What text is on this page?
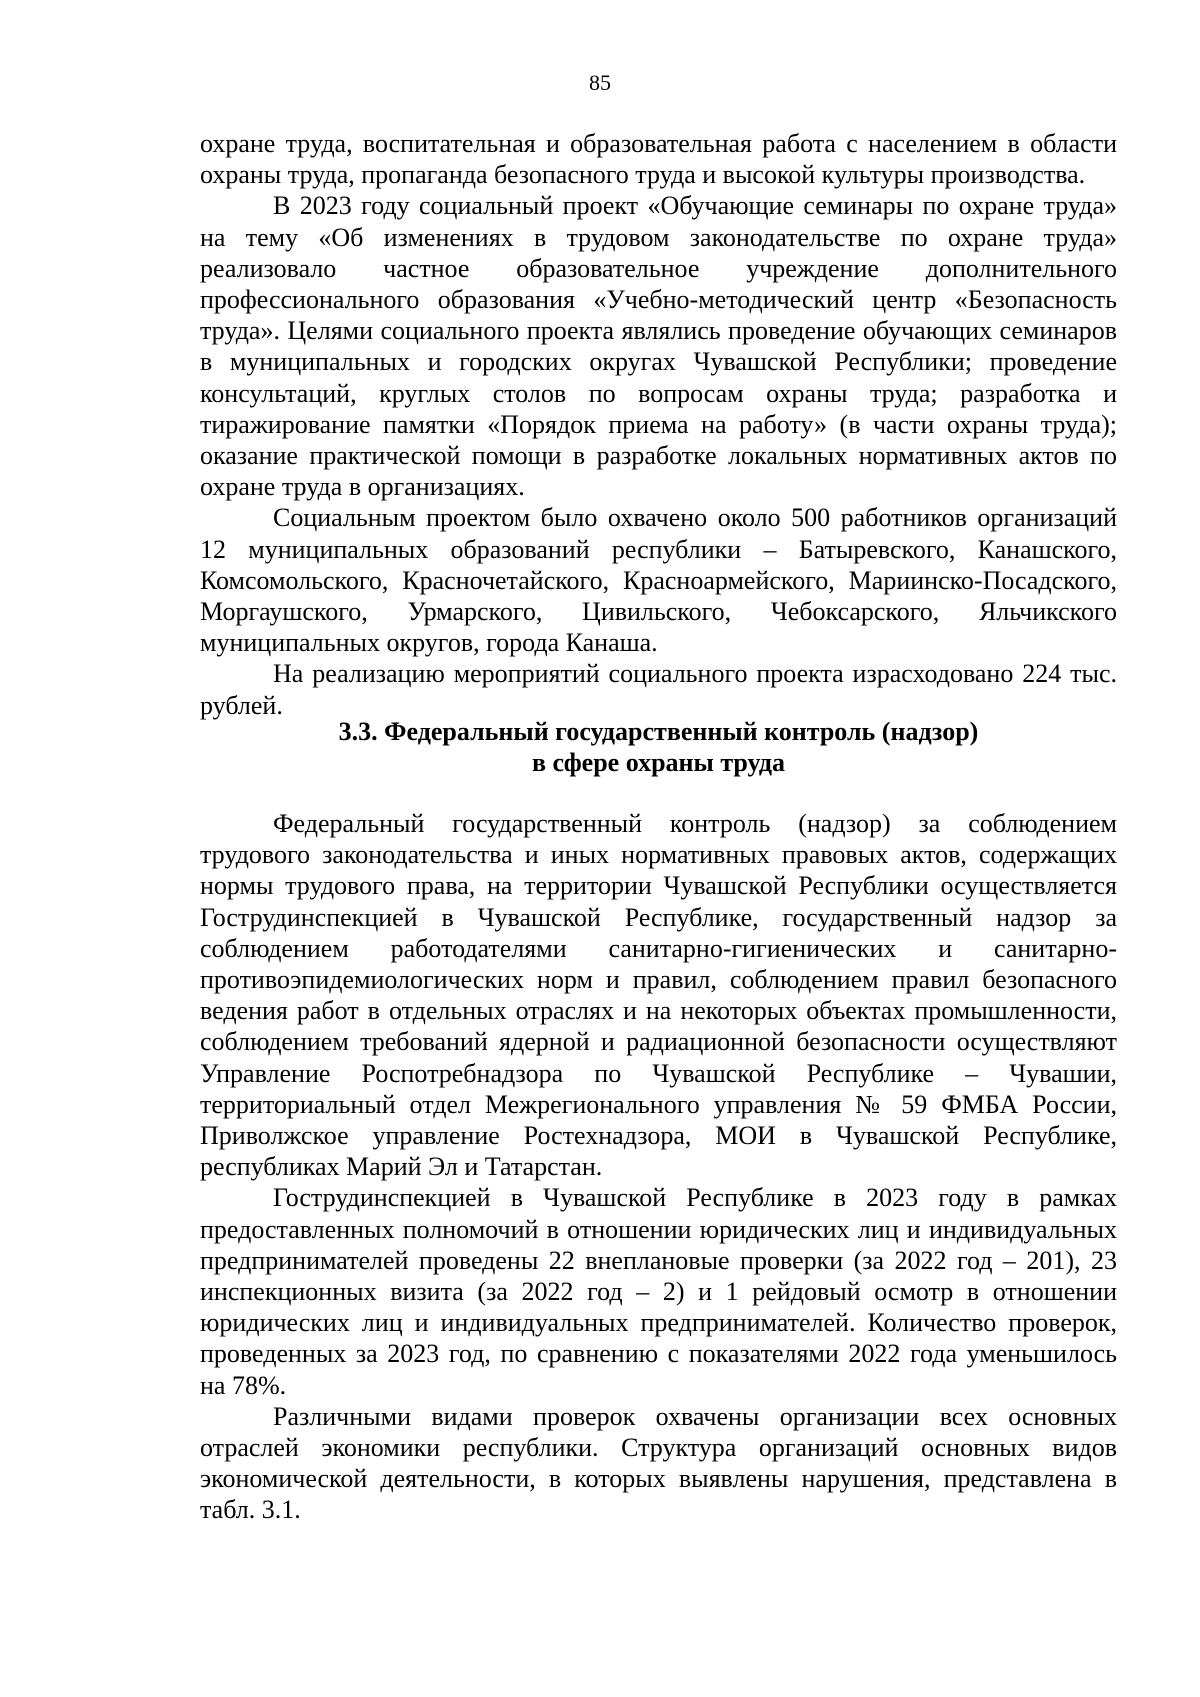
85

охране труда, воспитательная и образовательная работа с населением в области охраны труда, пропаганда безопасного труда и высокой культуры производства.

В 2023 году социальный проект «Обучающие семинары по охране труда» на тему «Об изменениях в трудовом законодательстве по охране труда» реализовало частное образовательное учреждение дополнительного профессионального образования «Учебно-методический центр «Безопасность труда». Целями социального проекта являлись проведение обучающих семинаров в муниципальных и городских округах Чувашской Республики; проведение консультаций, круглых столов по вопросам охраны труда; разработка и тиражирование памятки «Порядок приема на работу» (в части охраны труда); оказание практической помощи в разработке локальных нормативных актов по охране труда в организациях.

Социальным проектом было охвачено около 500 работников организаций 12 муниципальных образований республики – Батыревского, Канашского, Комсомольского, Красночетайского, Красноармейского, Мариинско-Посадского, Моргаушского, Урмарского, Цивильского, Чебоксарского, Яльчикского муниципальных округов, города Канаша.

На реализацию мероприятий социального проекта израсходовано 224 тыс. рублей.

3.3. Федеральный государственный контроль (надзор)
в сфере охраны труда

Федеральный государственный контроль (надзор) за соблюдением трудового законодательства и иных нормативных правовых актов, содержащих нормы трудового права, на территории Чувашской Республики осуществляется Гострудинспекцией в Чувашской Республике, государственный надзор за соблюдением работодателями санитарно-гигиенических и санитарно-противоэпидемиологических норм и правил, соблюдением правил безопасного ведения работ в отдельных отраслях и на некоторых объектах промышленности, соблюдением требований ядерной и радиационной безопасности осуществляют Управление Роспотребнадзора по Чувашской Республике – Чувашии, территориальный отдел Межрегионального управления № 59 ФМБА России, Приволжское управление Ростехнадзора, МОИ в Чувашской Республике, республиках Марий Эл и Татарстан.

Гострудинспекцией в Чувашской Республике в 2023 году в рамках предоставленных полномочий в отношении юридических лиц и индивидуальных предпринимателей проведены 22 внеплановые проверки (за 2022 год – 201), 23 инспекционных визита (за 2022 год – 2) и 1 рейдовый осмотр в отношении юридических лиц и индивидуальных предпринимателей. Количество проверок, проведенных за 2023 год, по сравнению с показателями 2022 года уменьшилось на 78%.

Различными видами проверок охвачены организации всех основных отраслей экономики республики. Структура организаций основных видов экономической деятельности, в которых выявлены нарушения, представлена в табл. 3.1.
